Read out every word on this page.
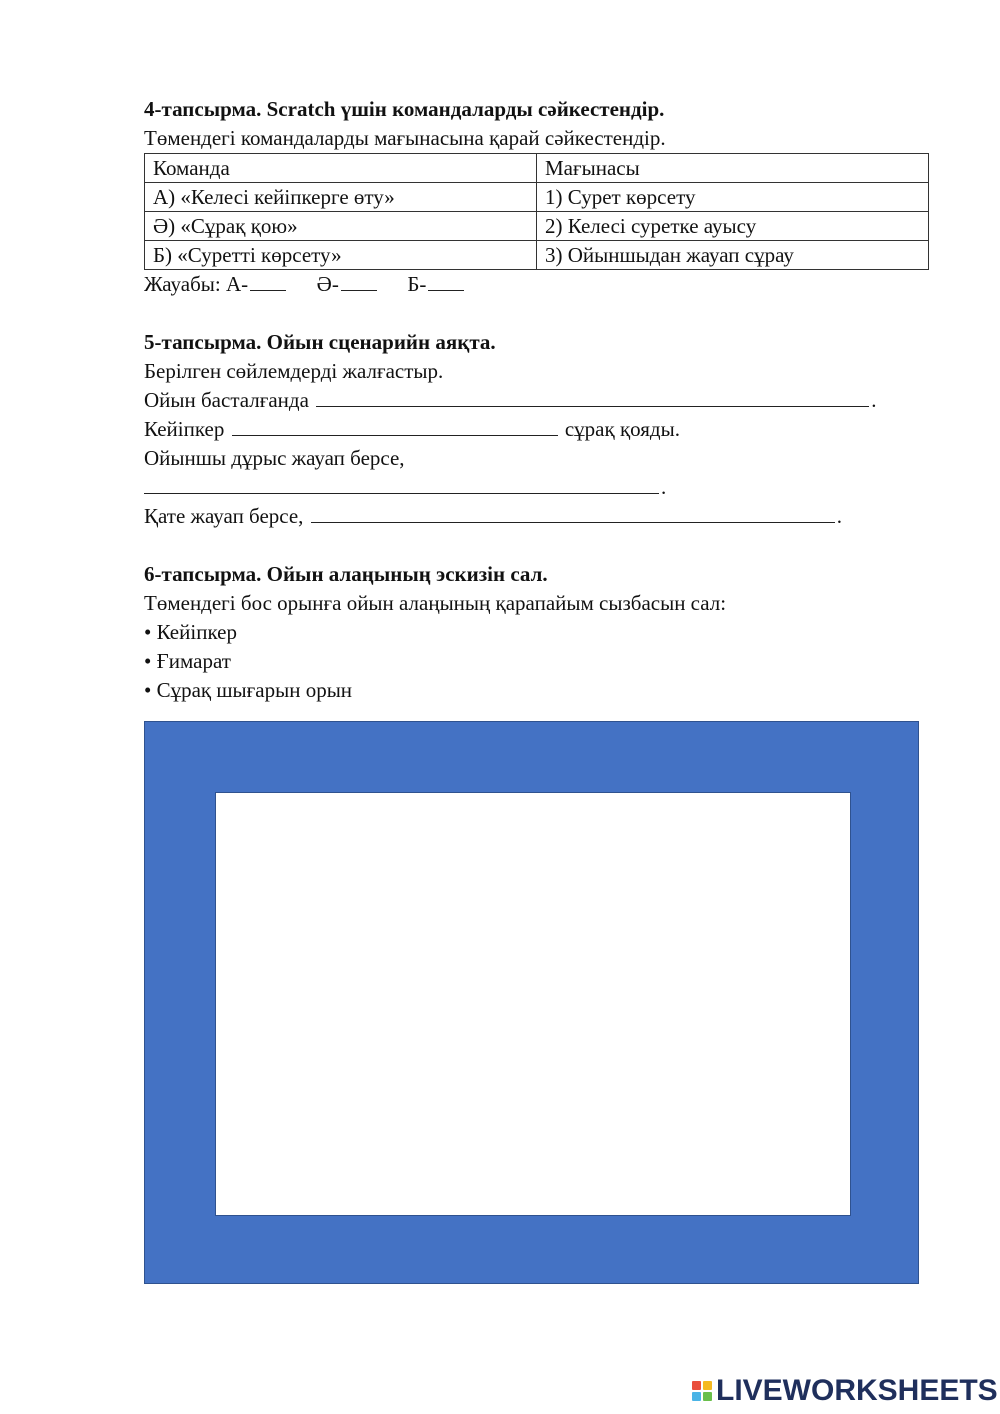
4-тапсырма. Scratch үшін командаларды сәйкестендір.
Төмендегі командаларды мағынасына қарай сәйкестендір.
Команда	Мағынасы
А) «Келесі кейіпкерге өту»	1) Сурет көрсету
Ә) «Сұрақ қою»	2) Келесі суретке ауысу
Б) «Суретті көрсету»	3) Ойыншыдан жауап сұрау
Жауабы: А-	Ә-	Б-
5-тапсырма. Ойын сценарийн аяқта.
Берілген сөйлемдерді жалғастыр.
Ойын басталғанда	.
Кейіпкер	сұрақ қояды.
Ойыншы дұрыс жауап берсе,
.
Қате жауап берсе,	.
6-тапсырма. Ойын алаңының эскизін сал.
Төмендегі бос орынға ойын алаңының қарапайым сызбасын сал:
• Кейіпкер
• Ғимарат
• Сұрақ шығарын орын
LIVEWORKSHEETS
